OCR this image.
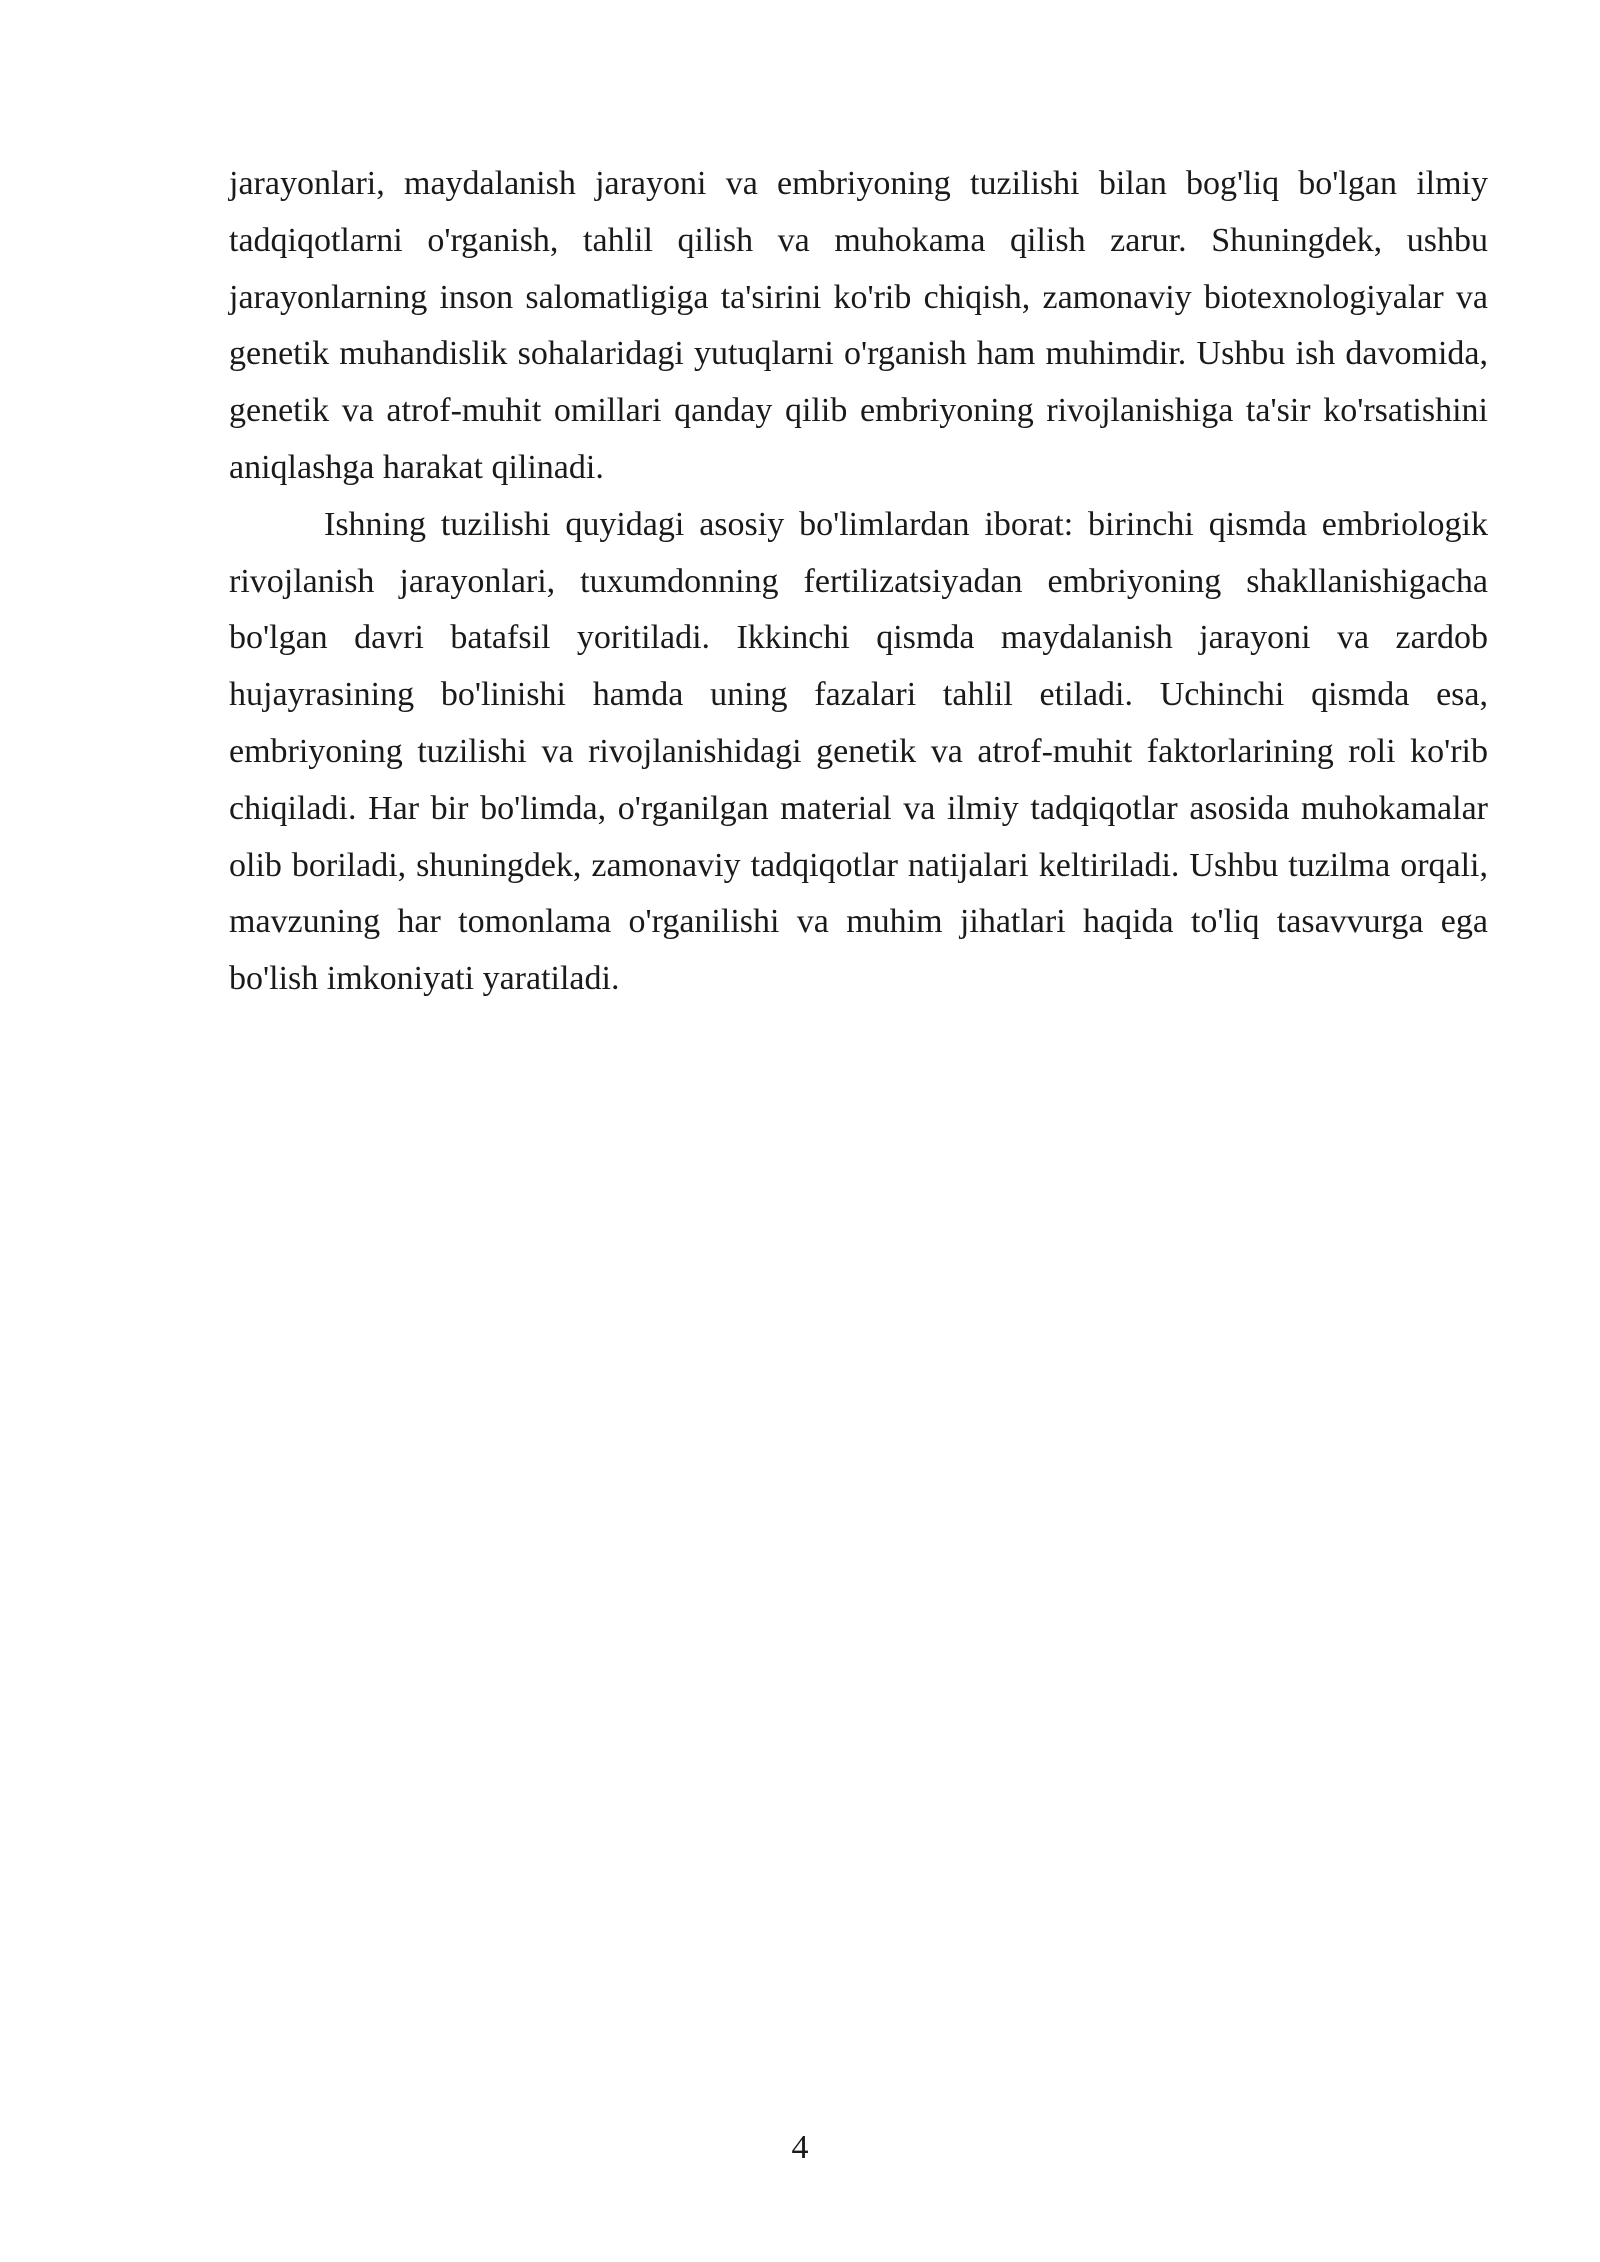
jarayonlari, maydalanish jarayoni va embriyoning tuzilishi bilan bog'liq bo'lgan ilmiy tadqiqotlarni o'rganish, tahlil qilish va muhokama qilish zarur. Shuningdek, ushbu jarayonlarning inson salomatligiga ta'sirini ko'rib chiqish, zamonaviy biotexnologiyalar va genetik muhandislik sohalaridagi yutuqlarni o'rganish ham muhimdir. Ushbu ish davomida, genetik va atrof-muhit omillari qanday qilib embriyoning rivojlanishiga ta'sir ko'rsatishini aniqlashga harakat qilinadi.

Ishning tuzilishi quyidagi asosiy bo'limlardan iborat: birinchi qismda embriologik rivojlanish jarayonlari, tuxumdonning fertilizatsiyadan embriyoning shakllanishigacha bo'lgan davri batafsil yoritiladi. Ikkinchi qismda maydalanish jarayoni va zardob hujayrasining bo'linishi hamda uning fazalari tahlil etiladi. Uchinchi qismda esa, embriyoning tuzilishi va rivojlanishidagi genetik va atrof-muhit faktorlarining roli ko'rib chiqiladi. Har bir bo'limda, o'rganilgan material va ilmiy tadqiqotlar asosida muhokamalar olib boriladi, shuningdek, zamonaviy tadqiqotlar natijalari keltiriladi. Ushbu tuzilma orqali, mavzuning har tomonlama o'rganilishi va muhim jihatlari haqida to'liq tasavvurga ega bo'lish imkoniyati yaratiladi.

4
